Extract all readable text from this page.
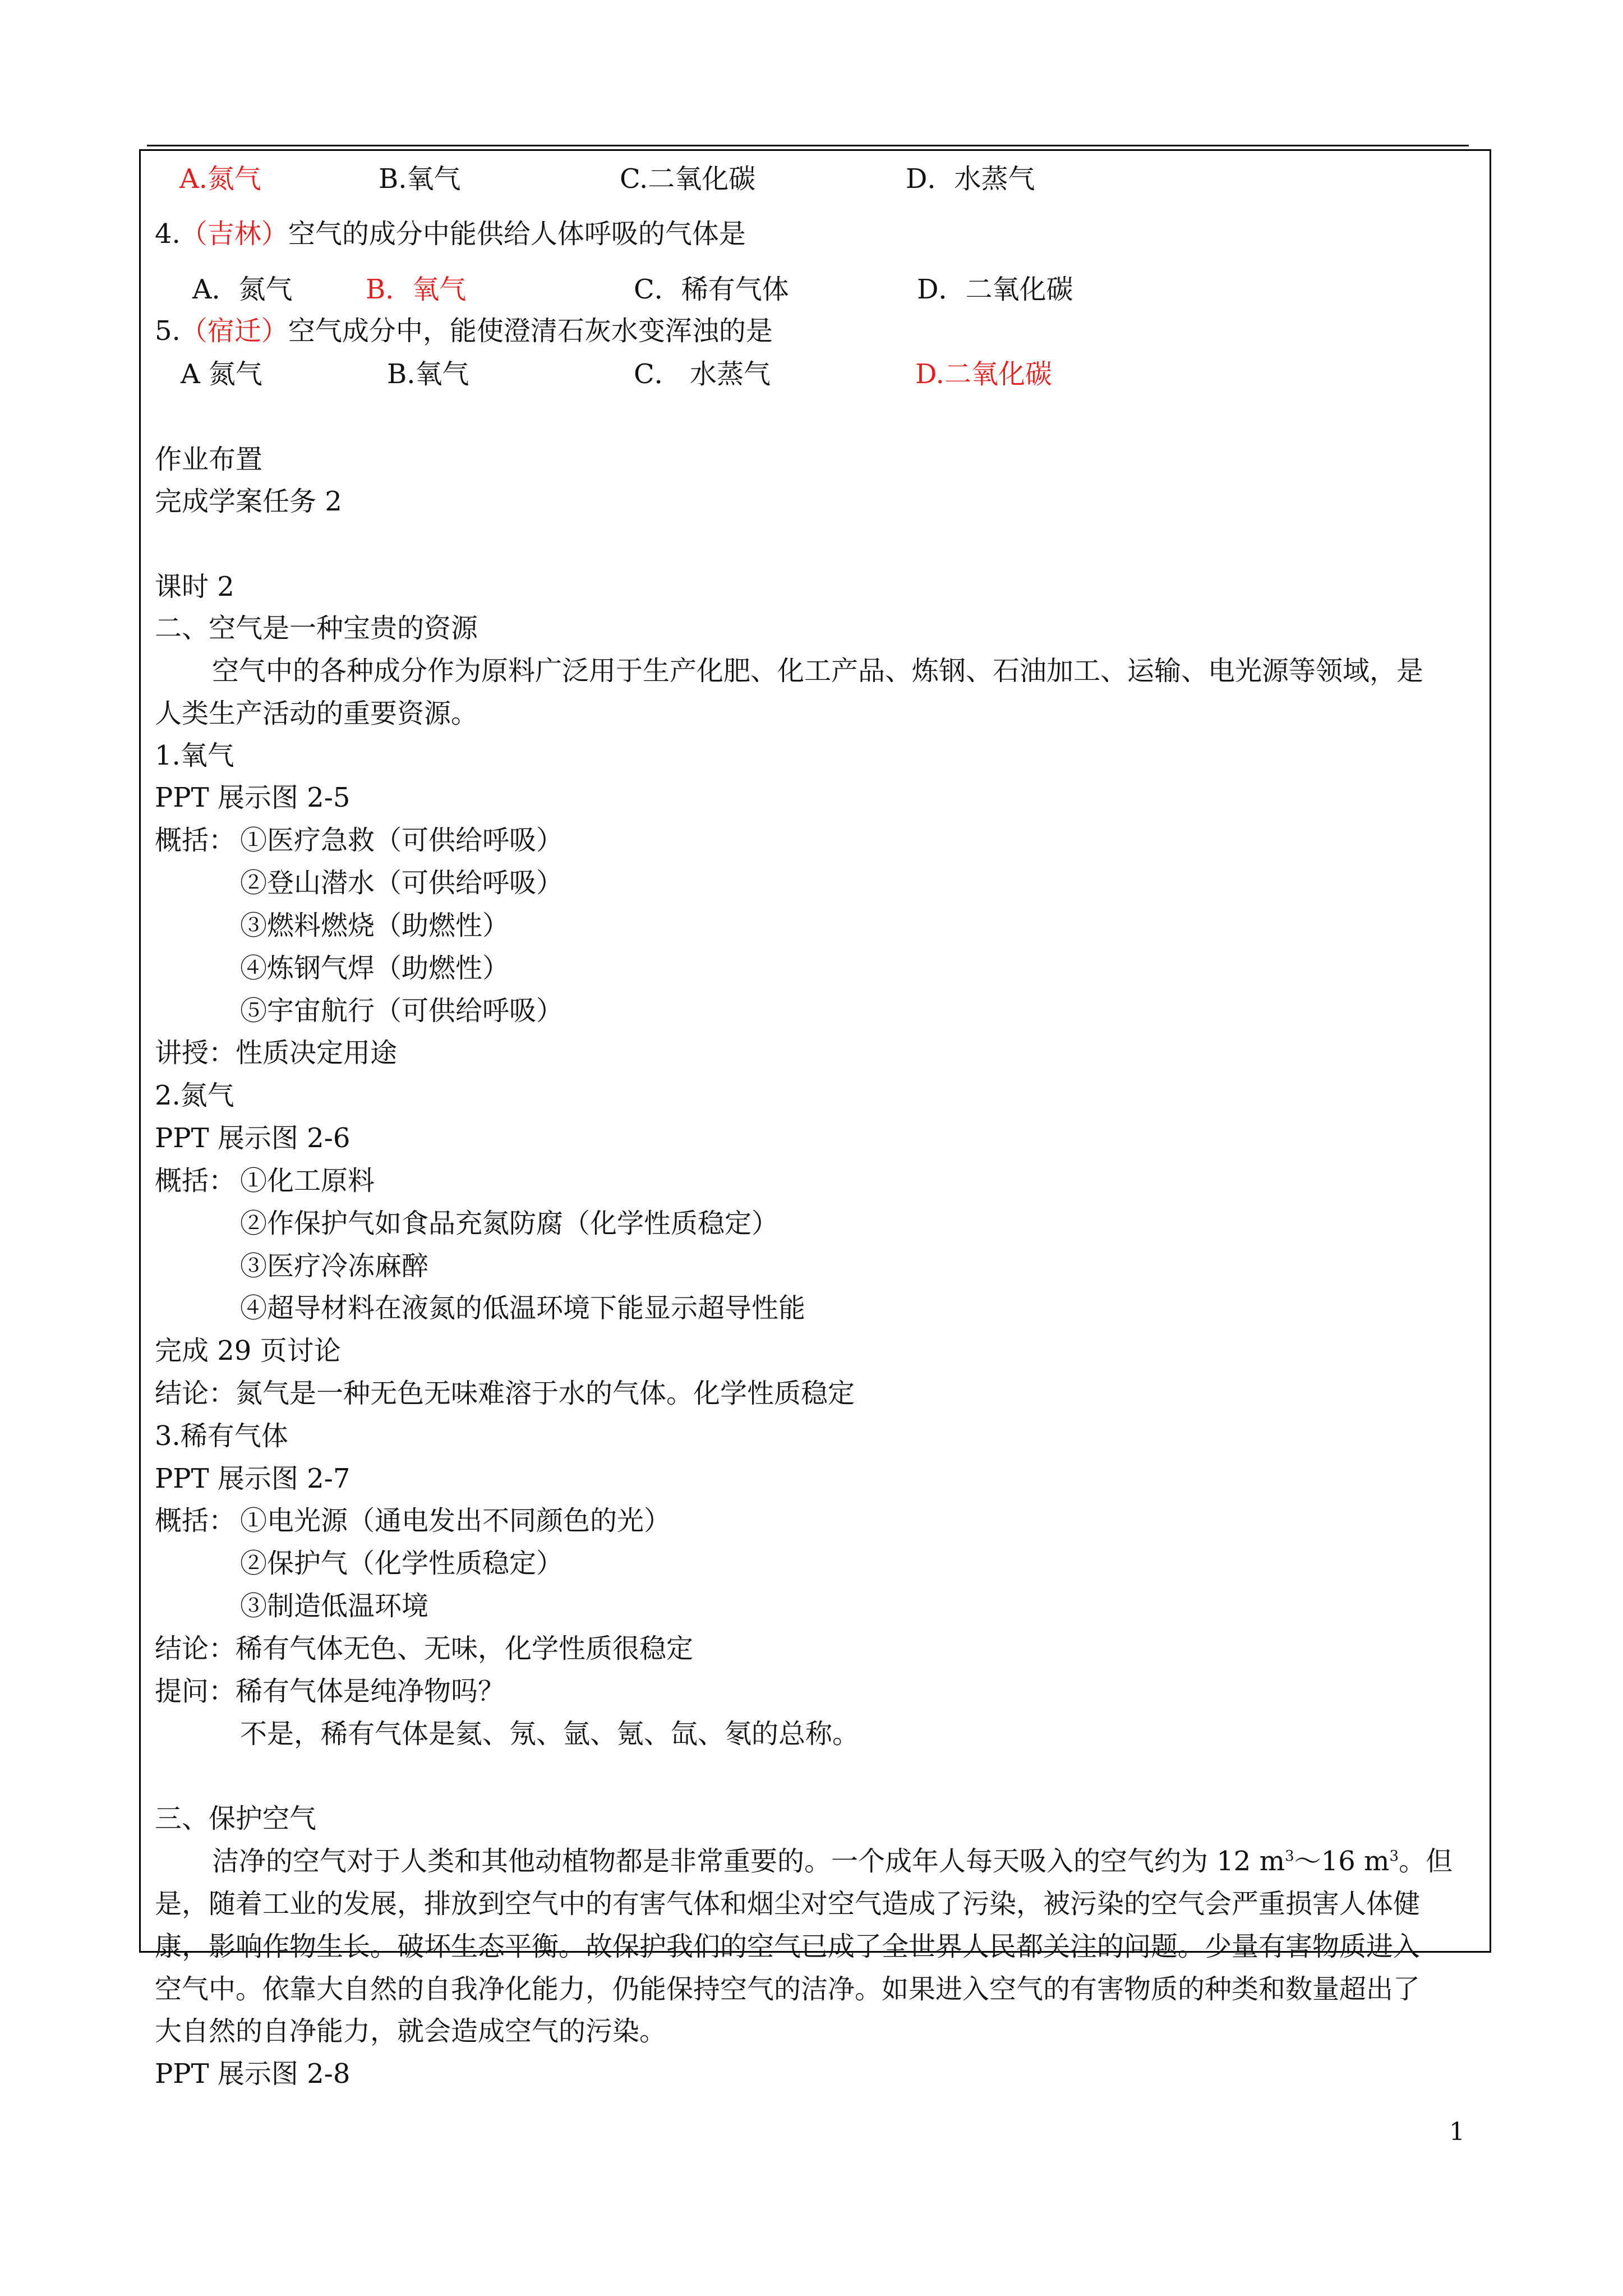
A.氮气	B.氧气	C.二氧化碳	D．水蒸气
4.（吉林）空气的成分中能供给人体呼吸的气体是
A．氮气	B．氧气	C．稀有气体	D．二氧化碳
5.（宿迁）空气成分中，能使澄清石灰水变浑浊的是
A 氮气	B.氧气	C． 水蒸气	D.二氧化碳
作业布置
完成学案任务 2
课时 2
二、空气是一种宝贵的资源
空气中的各种成分作为原料广泛用于生产化肥、化工产品、炼钢、石油加工、运输、电光源等领域，是
人类生产活动的重要资源。
1.氧气
PPT 展示图 2-5
概括： ①医疗急救（可供给呼吸）
②登山潜水（可供给呼吸）
③燃料燃烧（助燃性）
④炼钢气焊（助燃性）
⑤宇宙航行（可供给呼吸）
讲授：性质决定用途
2.氮气
PPT 展示图 2-6
概括： ①化工原料
②作保护气如食品充氮防腐（化学性质稳定）
③医疗冷冻麻醉
④超导材料在液氮的低温环境下能显示超导性能
完成 29 页讨论
结论：氮气是一种无色无味难溶于水的气体。化学性质稳定
3.稀有气体
PPT 展示图 2-7
概括： ①电光源（通电发出不同颜色的光）
②保护气（化学性质稳定）
③制造低温环境
结论：稀有气体无色、无味，化学性质很稳定
提问：稀有气体是纯净物吗？
不是，稀有气体是氦、氖、氩、氪、氙、氡的总称。
三、保护空气
洁净的空气对于人类和其他动植物都是非常重要的。一个成年人每天吸入的空气约为 12 $m^3\sim 16$ $m^3$。但
是，随着工业的发展，排放到空气中的有害气体和烟尘对空气造成了污染，被污染的空气会严重损害人体健
康，影响作物生长。破坏生态平衡。故保护我们的空气已成了全世界人民都关注的问题。少量有害物质进入
空气中。依靠大自然的自我净化能力，仍能保持空气的洁净。如果进入空气的有害物质的种类和数量超出了
大自然的自净能力，就会造成空气的污染。
PPT 展示图 2-8
1
